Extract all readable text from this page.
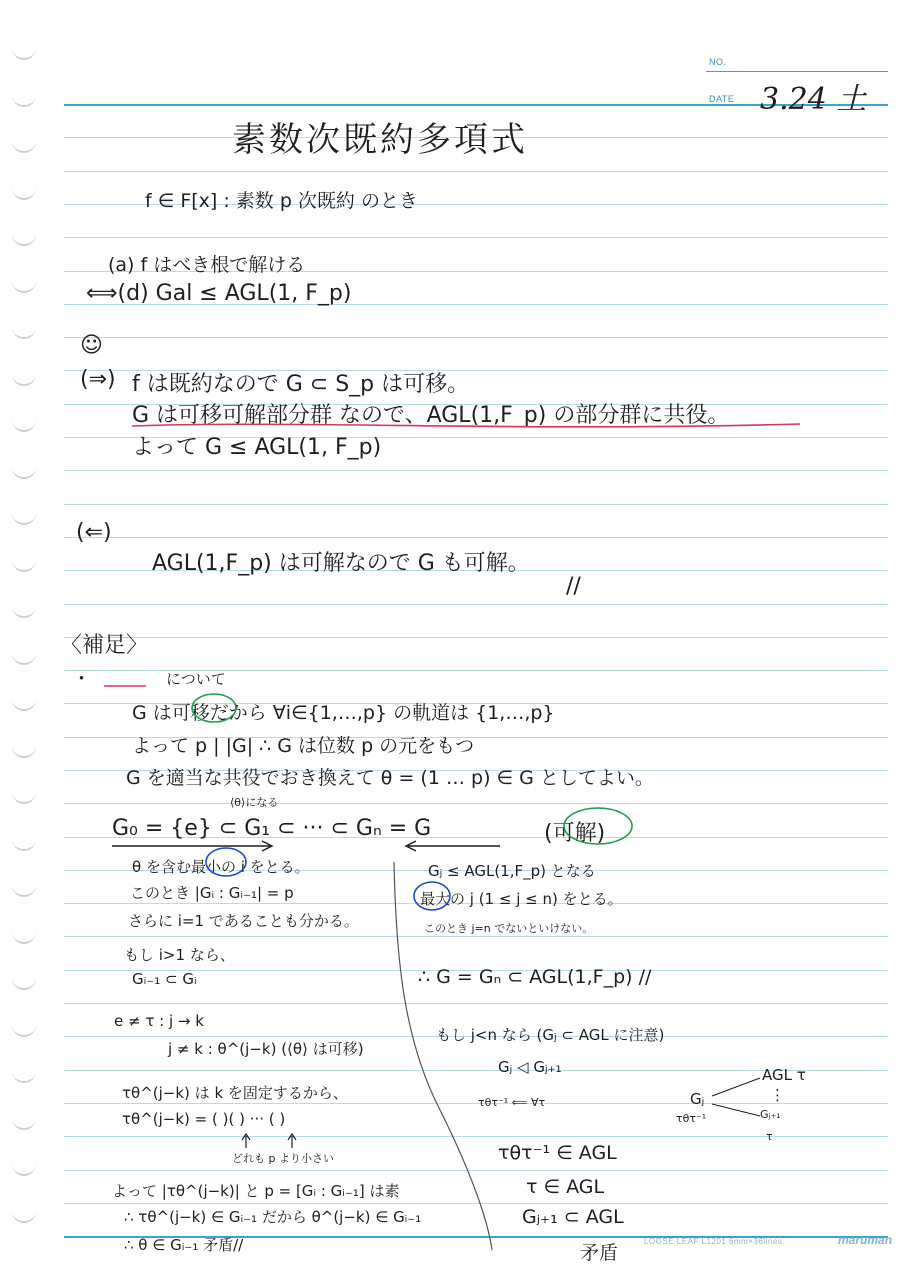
NO.
DATE 3.24 土
素数次既約多項式
f ∈ F[x] : 素数 p 次既約 のとき
(a) f はべき根で解ける
⟺(d) Gal ≤ AGL(1, F_p)
☺
(⇒) f は既約なので G ⊂ S_p は可移。
G は可移可解部分群 なので、AGL(1,F_p) の部分群に共役。
よって G ≤ AGL(1, F_p)
(⇐)
AGL(1,F_p) は可解なので G も可解。
//
〈補足〉
・	について
G は可移だから ∀i∈{1,…,p} の軌道は {1,…,p}
よって p | |G| ∴ G は位数 p の元をもつ
G を適当な共役でおき換えて θ = (1 … p) ∈ G としてよい。
⟨θ⟩になる
G₀ = {e} ⊂ G₁ ⊂ ··· ⊂ Gₙ = G	(可解)
θ を含む最小の i をとる。
このとき |Gᵢ : Gᵢ₋₁| = p
さらに i=1 であることも分かる。
もし i>1 なら、
Gᵢ₋₁ ⊂ Gᵢ
e ≠ τ : j → k
j ≠ k : θ^(j−k) (⟨θ⟩ は可移)
τθ^(j−k) は k を固定するから、
τθ^(j−k) = ( )( ) ··· ( )
どれも p より小さい
よって |τθ^(j−k)| と p = [Gᵢ : Gᵢ₋₁] は素
∴ τθ^(j−k) ∈ Gᵢ₋₁ だから θ^(j−k) ∈ Gᵢ₋₁
∴ θ ∈ Gᵢ₋₁ 矛盾//
Gⱼ ≤ AGL(1,F_p) となる
最大の j (1 ≤ j ≤ n) をとる。
このとき j=n でないといけない。
∴ G = Gₙ ⊂ AGL(1,F_p) //
もし j<n なら (Gⱼ ⊂ AGL に注意)
Gⱼ ◁ Gⱼ₊₁
τθτ⁻¹ ⟸ ∀τ
τθτ⁻¹ ∈ AGL
τ ∈ AGL
Gⱼ₊₁ ⊂ AGL
矛盾
Gⱼ
AGL τ
⋮
Gⱼ₊₁
τ
τθτ⁻¹
LOOSE LEAF L1201 6mm×36lines	maruman
